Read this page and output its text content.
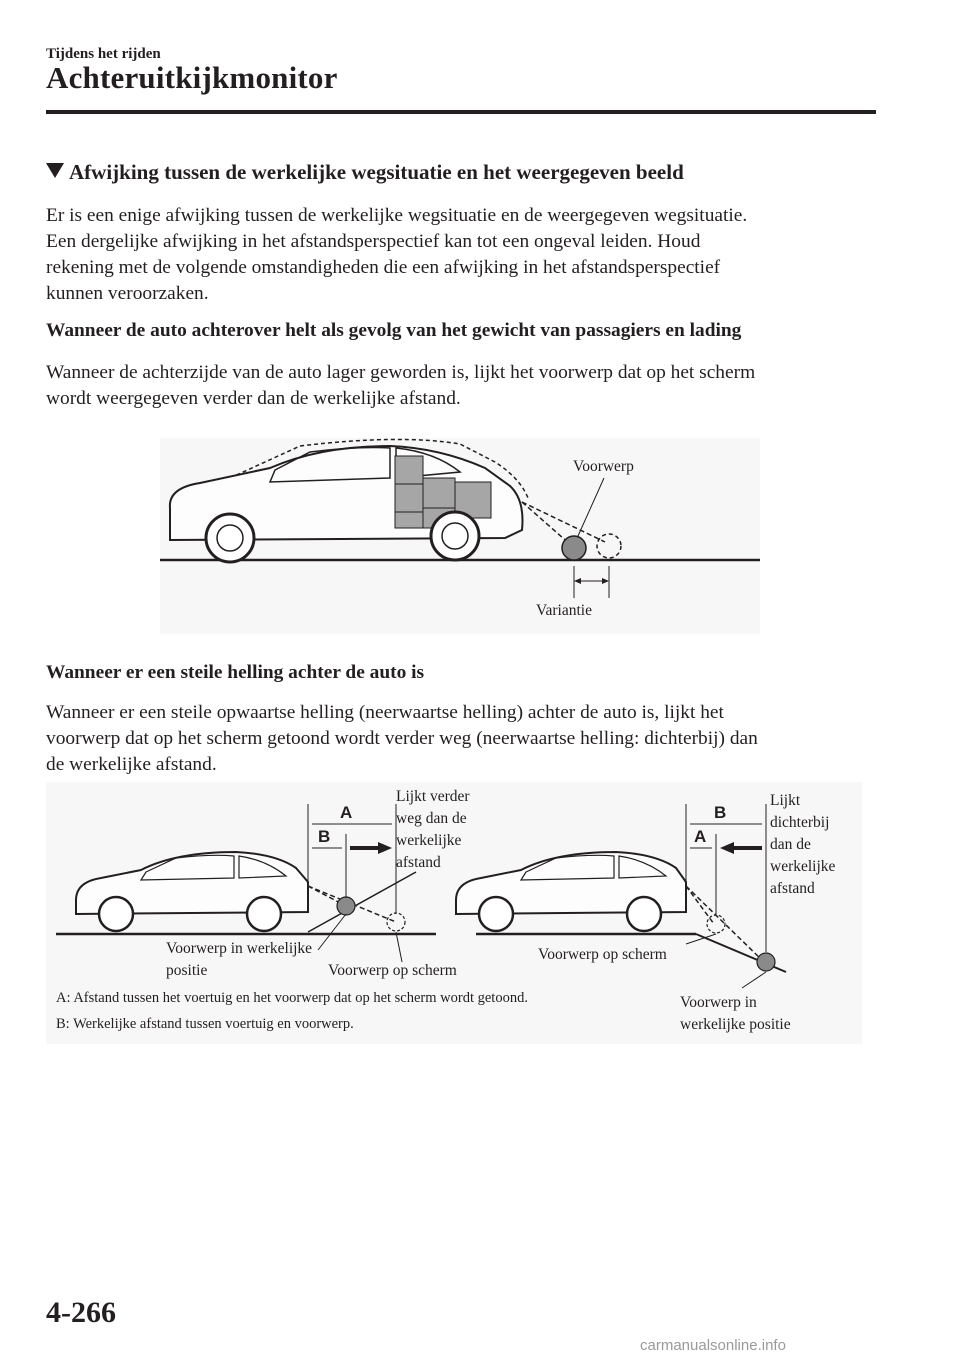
Tijdens het rijden
Achteruitkijkmonitor
Afwijking tussen de werkelijke wegsituatie en het weergegeven beeld
Er is een enige afwijking tussen de werkelijke wegsituatie en de weergegeven wegsituatie.
Een dergelijke afwijking in het afstandsperspectief kan tot een ongeval leiden. Houd
rekening met de volgende omstandigheden die een afwijking in het afstandsperspectief
kunnen veroorzaken.
Wanneer de auto achterover helt als gevolg van het gewicht van passagiers en lading
Wanneer de achterzijde van de auto lager geworden is, lijkt het voorwerp dat op het scherm
wordt weergegeven verder dan de werkelijke afstand.
Voorwerp
Variantie
Wanneer er een steile helling achter de auto is
Wanneer er een steile opwaartse helling (neerwaartse helling) achter de auto is, lijkt het
voorwerp dat op het scherm getoond wordt verder weg (neerwaartse helling: dichterbij) dan
de werkelijke afstand.
A
B
B
A
Lijkt verder
weg dan de
werkelijke
afstand
Lijkt
dichterbij
dan de
werkelijke
afstand
Voorwerp in werkelijke
positie	Voorwerp op scherm
Voorwerp op scherm
Voorwerp in
werkelijke positie
A: Afstand tussen het voertuig en het voorwerp dat op het scherm wordt getoond.
B: Werkelijke afstand tussen voertuig en voorwerp.
4-266
carmanualsonline.info
